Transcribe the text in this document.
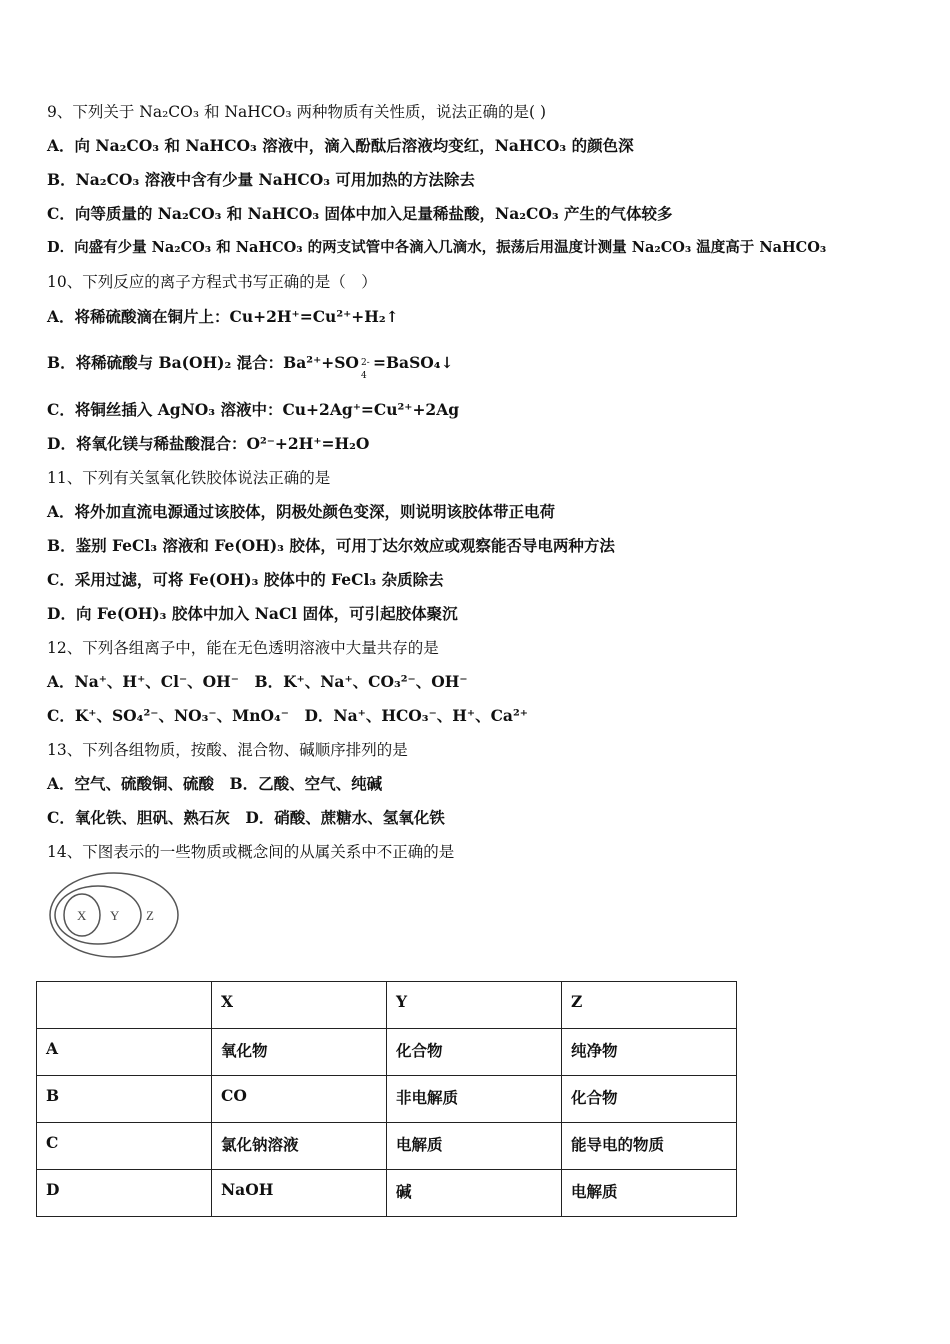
9、下列关于 Na₂CO₃ 和 NaHCO₃ 两种物质有关性质，说法正确的是( )
A．向 Na₂CO₃ 和 NaHCO₃ 溶液中，滴入酚酞后溶液均变红，NaHCO₃ 的颜色深
B．Na₂CO₃ 溶液中含有少量 NaHCO₃ 可用加热的方法除去
C．向等质量的 Na₂CO₃ 和 NaHCO₃ 固体中加入足量稀盐酸，Na₂CO₃ 产生的气体较多
D．向盛有少量 Na₂CO₃ 和 NaHCO₃ 的两支试管中各滴入几滴水，振荡后用温度计测量 Na₂CO₃ 温度高于 NaHCO₃
10、下列反应的离子方程式书写正确的是（　）
A．将稀硫酸滴在铜片上：Cu+2H⁺=Cu²⁺+H₂↑
B．将稀硫酸与 Ba(OH)₂ 混合：Ba²⁺+SO 2-
4
=BaSO₄↓
C．将铜丝插入 AgNO₃ 溶液中：Cu+2Ag⁺=Cu²⁺+2Ag
D．将氧化镁与稀盐酸混合：O²⁻+2H⁺=H₂O
11、下列有关氢氧化铁胶体说法正确的是
A．将外加直流电源通过该胶体，阴极处颜色变深，则说明该胶体带正电荷
B．鉴别 FeCl₃ 溶液和 Fe(OH)₃ 胶体，可用丁达尔效应或观察能否导电两种方法
C．采用过滤，可将 Fe(OH)₃ 胶体中的 FeCl₃ 杂质除去
D．向 Fe(OH)₃ 胶体中加入 NaCl 固体，可引起胶体聚沉
12、下列各组离子中，能在无色透明溶液中大量共存的是
A．Na⁺、H⁺、Cl⁻、OH⁻　B．K⁺、Na⁺、CO₃²⁻、OH⁻
C．K⁺、SO₄²⁻、NO₃⁻、MnO₄⁻　D．Na⁺、HCO₃⁻、H⁺、Ca²⁺
13、下列各组物质，按酸、混合物、碱顺序排列的是
A．空气、硫酸铜、硫酸　B．乙酸、空气、纯碱
C．氧化铁、胆矾、熟石灰　D．硝酸、蔗糖水、氢氧化铁
14、下图表示的一些物质或概念间的从属关系中不正确的是
X Y Z

	X	Y	Z

A	氧化物	化合物	纯净物

B	CO	非电解质	化合物

C	氯化钠溶液	电解质	能导电的物质

D	NaOH	碱	电解质
